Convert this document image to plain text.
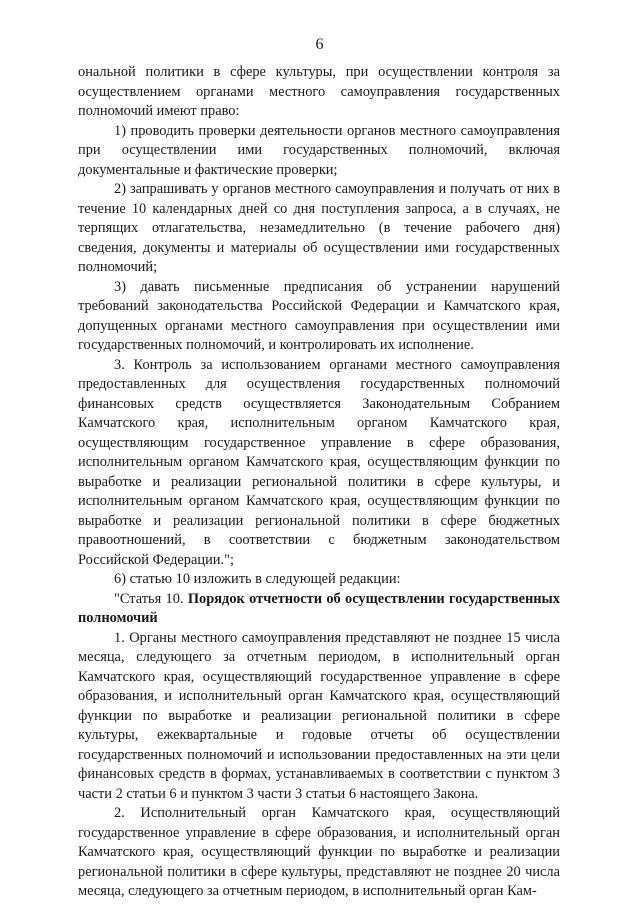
6

ональной политики в сфере культуры, при осуществлении контроля за осуществлением органами местного самоуправления государственных полномочий имеют право:

1) проводить проверки деятельности органов местного самоуправления при осуществлении ими государственных полномочий, включая документальные и фактические проверки;

2) запрашивать у органов местного самоуправления и получать от них в течение 10 календарных дней со дня поступления запроса, а в случаях, не терпящих отлагательства, незамедлительно (в течение рабочего дня) сведения, документы и материалы об осуществлении ими государственных полномочий;

3) давать письменные предписания об устранении нарушений требований законодательства Российской Федерации и Камчатского края, допущенных органами местного самоуправления при осуществлении ими государственных полномочий, и контролировать их исполнение.

3. Контроль за использованием органами местного самоуправления предоставленных для осуществления государственных полномочий финансовых средств осуществляется Законодательным Собранием Камчатского края, исполнительным органом Камчатского края, осуществляющим государственное управление в сфере образования, исполнительным органом Камчатского края, осуществляющим функции по выработке и реализации региональной политики в сфере культуры, и исполнительным органом Камчатского края, осуществляющим функции по выработке и реализации региональной политики в сфере бюджетных правоотношений, в соответствии с бюджетным законодательством Российской Федерации.";

6) статью 10 изложить в следующей редакции:

"Статья 10. Порядок отчетности об осуществлении государственных полномочий

1. Органы местного самоуправления представляют не позднее 15 числа месяца, следующего за отчетным периодом, в исполнительный орган Камчатского края, осуществляющий государственное управление в сфере образования, и исполнительный орган Камчатского края, осуществляющий функции по выработке и реализации региональной политики в сфере культуры, ежеквартальные и годовые отчеты об осуществлении государственных полномочий и использовании предоставленных на эти цели финансовых средств в формах, устанавливаемых в соответствии с пунктом 3 части 2 статьи 6 и пунктом 3 части 3 статьи 6 настоящего Закона.

2. Исполнительный орган Камчатского края, осуществляющий государственное управление в сфере образования, и исполнительный орган Камчатского края, осуществляющий функции по выработке и реализации региональной политики в сфере культуры, представляют не позднее 20 числа месяца, следующего за отчетным периодом, в исполнительный орган Кам-
